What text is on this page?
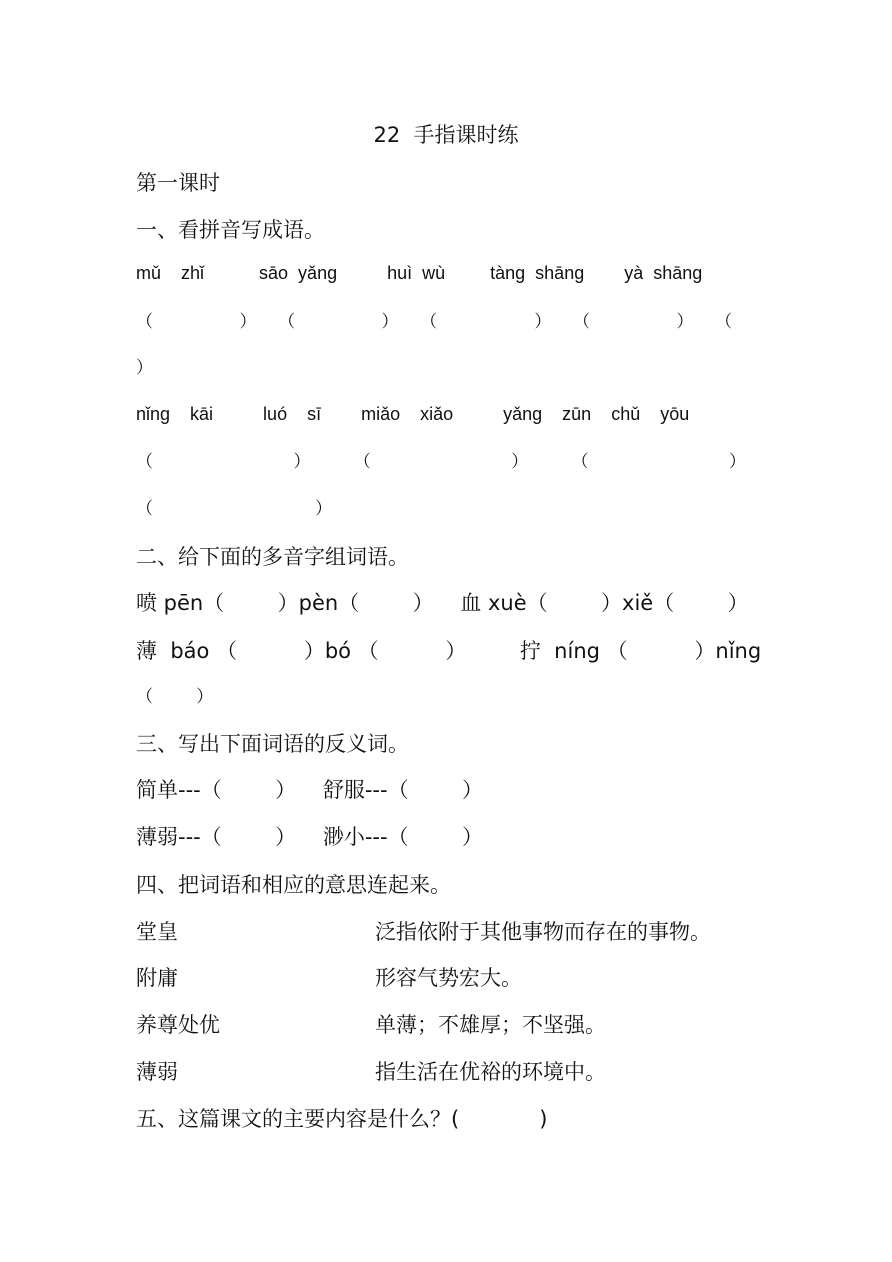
22  手指课时练
第一课时
一、看拼音写成语。
mǔ    zhǐ           sāo  yǎng          huì  wù         tàng  shāng        yà  shāng
（                ）    （                ）    （                  ）    （                ）    （
）
nǐng    kāi          luó    sī        miǎo    xiǎo          yǎng    zūn    chǔ    yōu
（                          ）        （                          ）        （                          ）
（                              ）
二、给下面的多音字组词语。
喷 pēn（        ）pèn（        ）    血 xuè（        ）xiě（        ）
薄  báo （          ）bó （          ）        拧  níng （          ）nǐng
（        ）
三、写出下面词语的反义词。
简单---（        ）    舒服---（        ）
薄弱---（        ）    渺小---（        ）
四、把词语和相应的意思连起来。
堂皇	泛指依附于其他事物而存在的事物。
附庸	形容气势宏大。
养尊处优	单薄；不雄厚；不坚强。
薄弱	指生活在优裕的环境中。
五、这篇课文的主要内容是什么？(            )
